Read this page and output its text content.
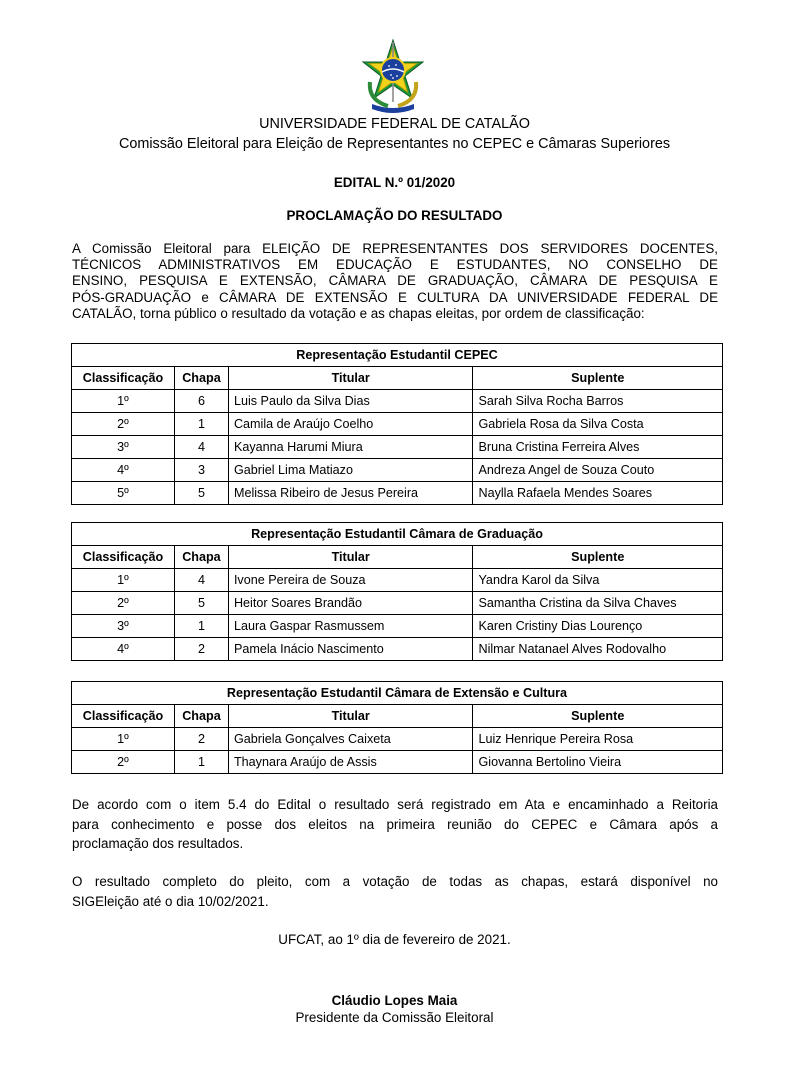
UNIVERSIDADE FEDERAL DE CATALÃO
Comissão Eleitoral para Eleição de Representantes no CEPEC e Câmaras Superiores
EDITAL N.º 01/2020
PROCLAMAÇÃO DO RESULTADO
A Comissão Eleitoral para ELEIÇÃO DE REPRESENTANTES DOS SERVIDORES DOCENTES,
TÉCNICOS ADMINISTRATIVOS EM EDUCAÇÃO E ESTUDANTES, NO CONSELHO DE
ENSINO, PESQUISA E EXTENSÃO, CÂMARA DE GRADUAÇÃO, CÂMARA DE PESQUISA E
PÓS-GRADUAÇÃO e CÂMARA DE EXTENSÃO E CULTURA DA UNIVERSIDADE FEDERAL DE
CATALÃO, torna público o resultado da votação e as chapas eleitas, por ordem de classificação:
Representação Estudantil CEPEC			
Classificação	Chapa	Titular	Suplente
1º	6	Luis Paulo da Silva Dias	Sarah Silva Rocha Barros
2º	1	Camila de Araújo Coelho	Gabriela Rosa da Silva Costa
3º	4	Kayanna Harumi Miura	Bruna Cristina Ferreira Alves
4º	3	Gabriel Lima Matiazo	Andreza Angel de Souza Couto
5º	5	Melissa Ribeiro de Jesus Pereira	Naylla Rafaela Mendes Soares
Representação Estudantil Câmara de Graduação			
Classificação	Chapa	Titular	Suplente
1º	4	Ivone Pereira de Souza	Yandra Karol da Silva
2º	5	Heitor Soares Brandão	Samantha Cristina da Silva Chaves
3º	1	Laura Gaspar Rasmussem	Karen Cristiny Dias Lourenço
4º	2	Pamela Inácio Nascimento	Nilmar Natanael Alves Rodovalho
Representação Estudantil Câmara de Extensão e Cultura			
Classificação	Chapa	Titular	Suplente
1º	2	Gabriela Gonçalves Caixeta	Luiz Henrique Pereira Rosa
2º	1	Thaynara Araújo de Assis	Giovanna Bertolino Vieira
De acordo com o item 5.4 do Edital o resultado será registrado em Ata e encaminhado a Reitoria
para conhecimento e posse dos eleitos na primeira reunião do CEPEC e Câmara após a
proclamação dos resultados.
O resultado completo do pleito, com a votação de todas as chapas, estará disponível no
SIGEleição até o dia 10/02/2021.
UFCAT, ao 1º dia de fevereiro de 2021.
Cláudio Lopes Maia
Presidente da Comissão Eleitoral
